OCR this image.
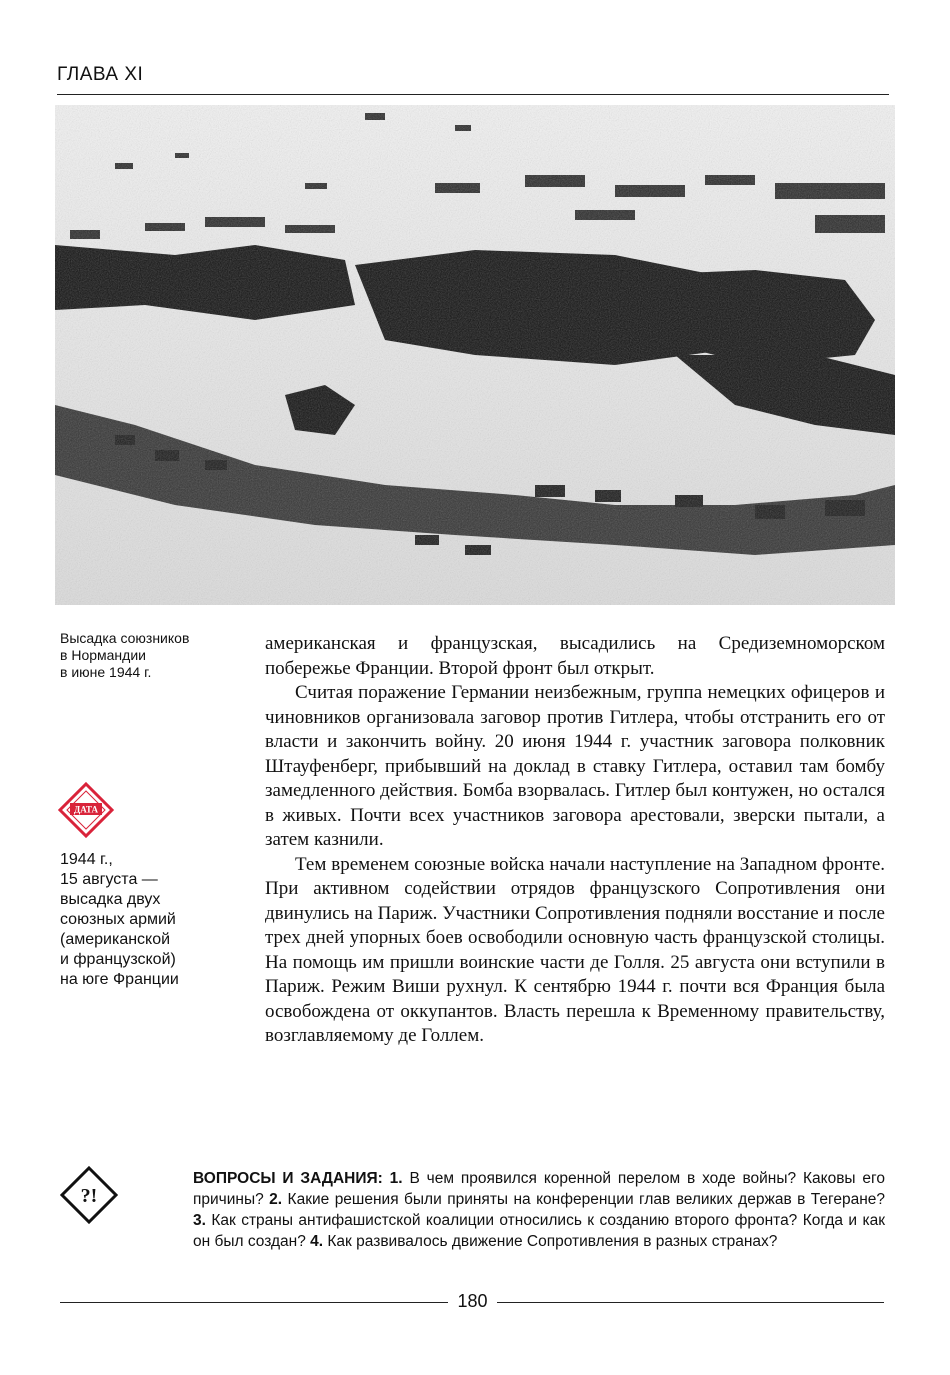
ГЛАВА XI
Высадка союзников
в Нормандии
в июне 1944 г.
ДАТА
1944 г.,
15 августа —
высадка двух
союзных армий
(американской
и французской)
на юге Франции

американская и французская, высадились на Средиземноморском побережье Франции. Второй фронт был открыт.

Считая поражение Германии неизбежным, группа немецких офицеров и чиновников организовала заговор против Гитлера, чтобы отстранить его от власти и закончить войну. 20 июня 1944 г. участник заговора полковник Штауфенберг, прибывший на доклад в ставку Гитлера, оставил там бомбу замедленного действия. Бомба взорвалась. Гитлер был контужен, но остался в живых. Почти всех участников заговора арестовали, зверски пытали, а затем казнили.

Тем временем союзные войска начали наступление на Западном фронте. При активном содействии отрядов французского Сопротивления они двинулись на Париж. Участники Сопротивления подняли восстание и после трех дней упорных боев освободили основную часть французской столицы. На помощь им пришли воинские части де Голля. 25 августа они вступили в Париж. Режим Виши рухнул. К сентябрю 1944 г. почти вся Франция была освобождена от оккупантов. Власть перешла к Временному правительству, возглавляемому де Голлем.

?!
ВОПРОСЫ И ЗАДАНИЯ: 1. В чем проявился коренной перелом в ходе войны? Каковы его причины? 2. Какие решения были приняты на конференции глав великих держав в Тегеране? 3. Как страны антифашистской коалиции относились к созданию второго фронта? Когда и как он был создан? 4. Как развивалось движение Сопротивления в разных странах?
180
